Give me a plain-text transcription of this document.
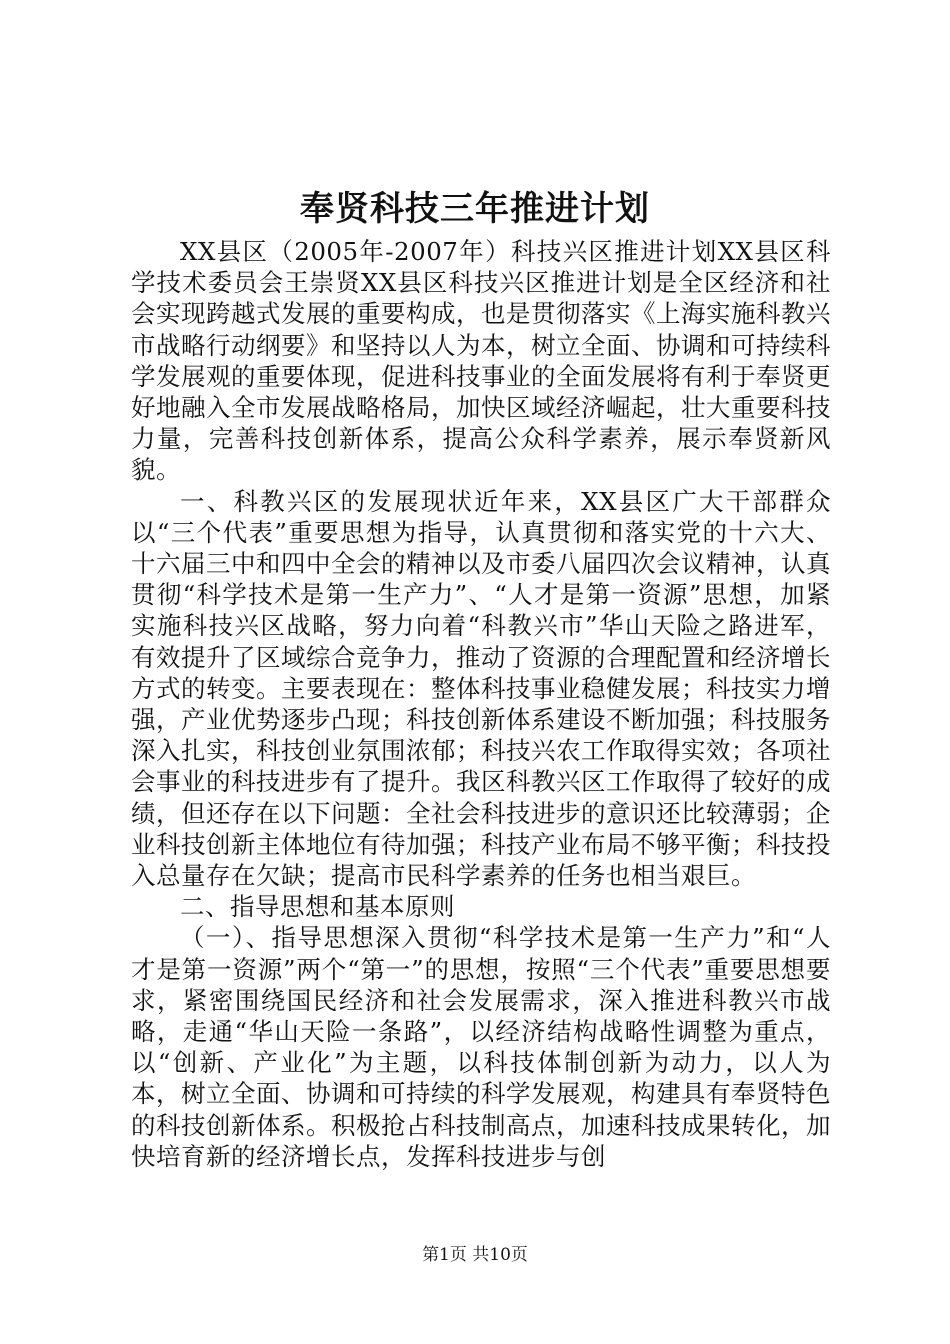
奉贤科技三年推进计划

XX县区（2005年-2007年）科技兴区推进计划XX县区科学技术委员会王崇贤XX县区科技兴区推进计划是全区经济和社会实现跨越式发展的重要构成，也是贯彻落实《上海实施科教兴市战略行动纲要》和坚持以人为本，树立全面、协调和可持续科学发展观的重要体现，促进科技事业的全面发展将有利于奉贤更好地融入全市发展战略格局，加快区域经济崛起，壮大重要科技力量，完善科技创新体系，提高公众科学素养，展示奉贤新风貌。

一、科教兴区的发展现状近年来，XX县区广大干部群众以“三个代表”重要思想为指导，认真贯彻和落实党的十六大、十六届三中和四中全会的精神以及市委八届四次会议精神，认真贯彻“科学技术是第一生产力”、“人才是第一资源”思想，加紧实施科技兴区战略，努力向着“科教兴市”华山天险之路进军，有效提升了区域综合竞争力，推动了资源的合理配置和经济增长方式的转变。主要表现在：整体科技事业稳健发展；科技实力增强，产业优势逐步凸现；科技创新体系建设不断加强；科技服务深入扎实，科技创业氛围浓郁；科技兴农工作取得实效；各项社会事业的科技进步有了提升。我区科教兴区工作取得了较好的成绩，但还存在以下问题：全社会科技进步的意识还比较薄弱；企业科技创新主体地位有待加强；科技产业布局不够平衡；科技投入总量存在欠缺；提高市民科学素养的任务也相当艰巨。

二、指导思想和基本原则

（一）、指导思想深入贯彻“科学技术是第一生产力”和“人才是第一资源”两个“第一”的思想，按照“三个代表”重要思想要求，紧密围绕国民经济和社会发展需求，深入推进科教兴市战略，走通“华山天险一条路”，以经济结构战略性调整为重点，以“创新、产业化”为主题，以科技体制创新为动力，以人为本，树立全面、协调和可持续的科学发展观，构建具有奉贤特色的科技创新体系。积极抢占科技制高点，加速科技成果转化，加快培育新的经济增长点，发挥科技进步与创

第1页 共10页
